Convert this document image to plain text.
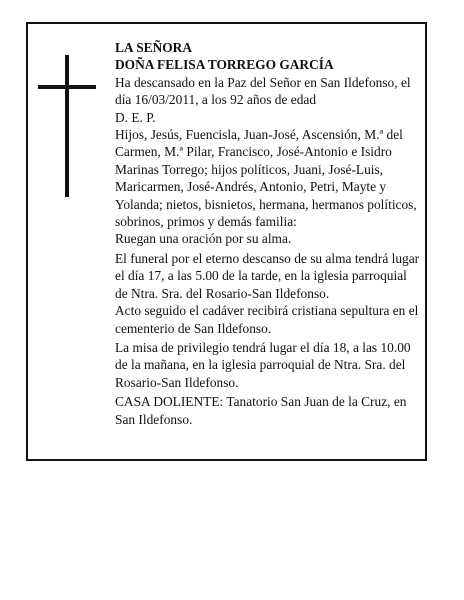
LA SEÑORA

DOÑA FELISA TORREGO GARCÍA

Ha descansado en la Paz del Señor en San Ildefonso, el día 16/03/2011, a los 92 años de edad

D. E. P.

Hijos, Jesús, Fuencisla, Juan-José, Ascensión, M.ª del Carmen, M.ª Pilar, Francisco, José-Antonio e Isidro Marinas Torrego; hijos políticos, Juani, José-Luis, Maricarmen, José-Andrés, Antonio, Petri, Mayte y Yolanda; nietos, bisnietos, hermana, hermanos políticos, sobrinos, primos y demás familia:

Ruegan una oración por su alma.

El funeral por el eterno descanso de su alma tendrá lugar el día 17, a las 5.00 de la tarde, en la iglesia parroquial de Ntra. Sra. del Rosario-San Ildefonso.

Acto seguido el cadáver recibirá cristiana sepultura en el cementerio de San Ildefonso.

La misa de privilegio tendrá lugar el día 18, a las 10.00 de la mañana, en la iglesia parroquial de Ntra. Sra. del Rosario-San Ildefonso.

CASA DOLIENTE: Tanatorio San Juan de la Cruz, en San Ildefonso.
